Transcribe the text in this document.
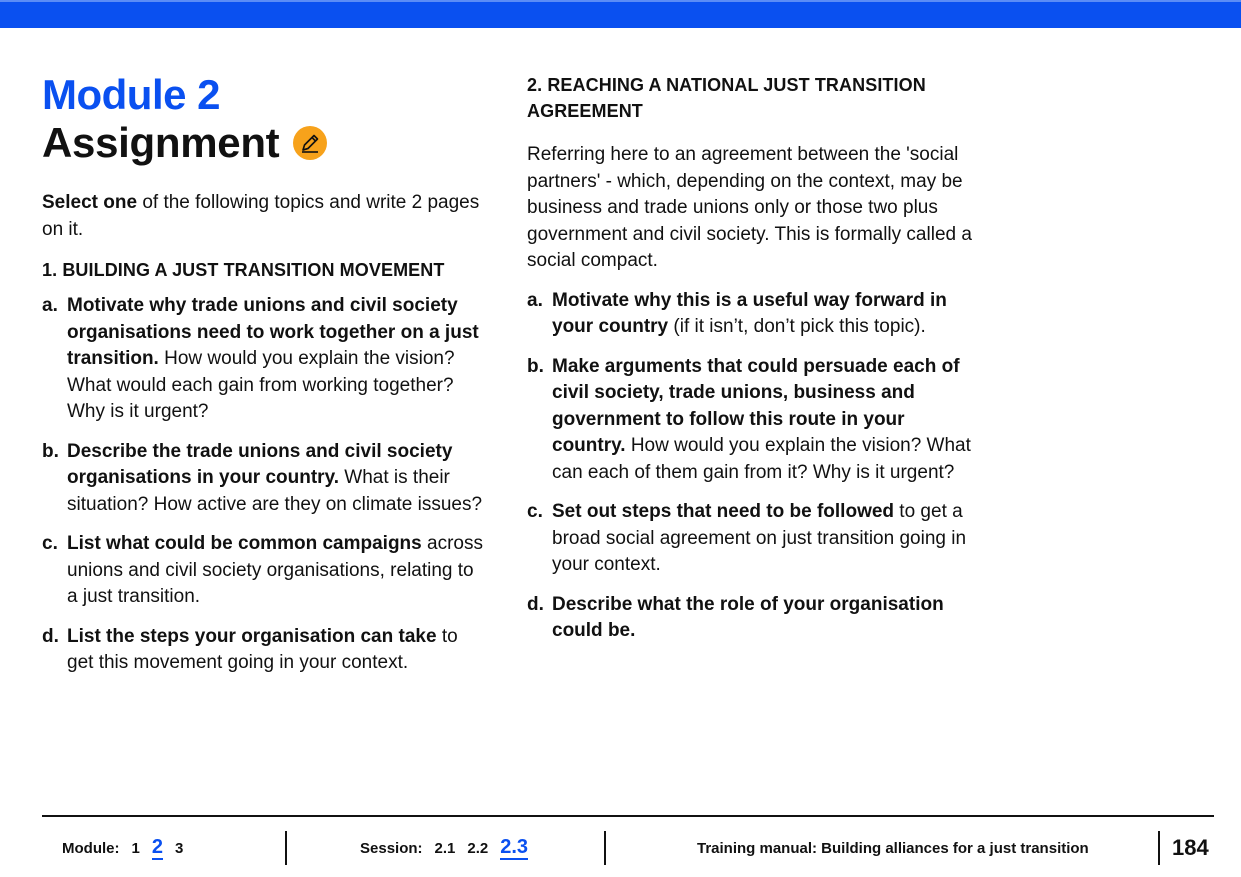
Module 2
Assignment

Select one of the following topics and write 2 pages on it.

1. BUILDING A JUST TRANSITION MOVEMENT
a. Motivate why trade unions and civil society organisations need to work together on a just transition. How would you explain the vision? What would each gain from working together? Why is it urgent?
b. Describe the trade unions and civil society organisations in your country. What is their situation? How active are they on climate issues?
c. List what could be common campaigns across unions and civil society organisations, relating to a just transition.
d. List the steps your organisation can take to get this movement going in your context.
2. REACHING A NATIONAL JUST TRANSITION AGREEMENT

Referring here to an agreement between the 'social partners' - which, depending on the context, may be business and trade unions only or those two plus government and civil society. This is formally called a social compact.

a. Motivate why this is a useful way forward in your country (if it isn’t, don’t pick this topic).
b. Make arguments that could persuade each of civil society, trade unions, business and government to follow this route in your country. How would you explain the vision? What can each of them gain from it? Why is it urgent?
c. Set out steps that need to be followed to get a broad social agreement on just transition going in your context.
d. Describe what the role of your organisation could be.
Module: 1 2 3	Session: 2.1 2.2 2.3	Training manual: Building alliances for a just transition	184
